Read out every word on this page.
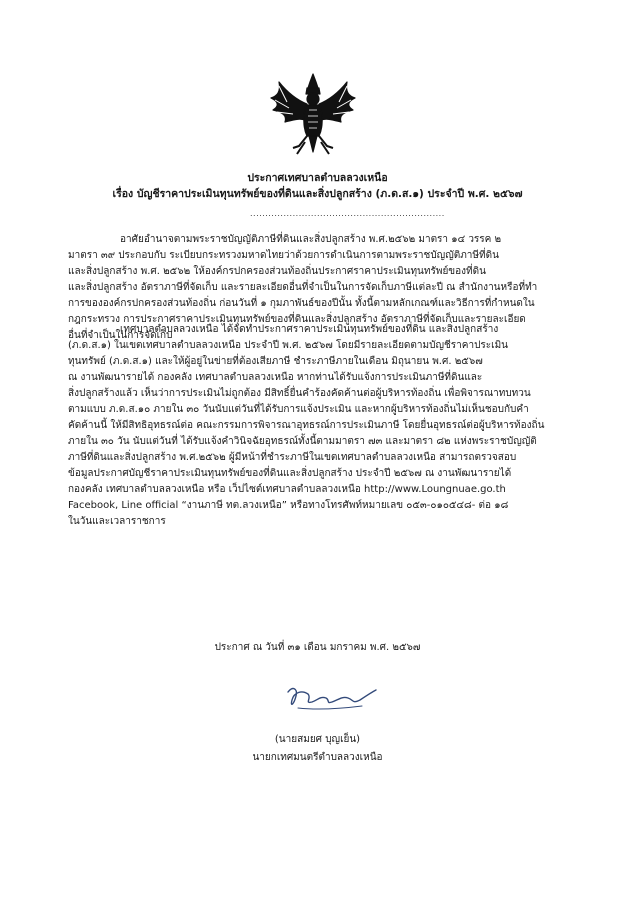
ประกาศเทศบาลตำบลลวงเหนือ
เรื่อง บัญชีราคาประเมินทุนทรัพย์ของที่ดินและสิ่งปลูกสร้าง (ภ.ด.ส.๑) ประจำปี พ.ศ. ๒๕๖๗
................................................................
อาศัยอำนาจตามพระราชบัญญัติภาษีที่ดินและสิ่งปลูกสร้าง พ.ศ.๒๕๖๒ มาตรา ๑๔ วรรค ๒
มาตรา ๓๙ ประกอบกับ ระเบียบกระทรวงมหาดไทยว่าด้วยการดำเนินการตามพระราชบัญญัติภาษีที่ดิน
และสิ่งปลูกสร้าง พ.ศ. ๒๕๖๒ ให้องค์กรปกครองส่วนท้องถิ่นประกาศราคาประเมินทุนทรัพย์ของที่ดิน
และสิ่งปลูกสร้าง อัตราภาษีที่จัดเก็บ และรายละเอียดอื่นที่จำเป็นในการจัดเก็บภาษีแต่ละปี ณ สำนักงานหรือที่ทำ
การขององค์กรปกครองส่วนท้องถิ่น ก่อนวันที่ ๑ กุมภาพันธ์ของปีนั้น ทั้งนี้ตามหลักเกณฑ์และวิธีการที่กำหนดใน
กฎกระทรวง การประกาศราคาประเมินทุนทรัพย์ของที่ดินและสิ่งปลูกสร้าง อัตราภาษีที่จัดเก็บและรายละเอียด
อื่นที่จำเป็นในการจัดเก็บ
เทศบาลตำบลลวงเหนือ ได้จัดทำประกาศราคาประเมินทุนทรัพย์ของที่ดิน และสิ่งปลูกสร้าง
(ภ.ด.ส.๑) ในเขตเทศบาลตำบลลวงเหนือ ประจำปี พ.ศ. ๒๕๖๗ โดยมีรายละเอียดตามบัญชีราคาประเมิน
ทุนทรัพย์ (ภ.ด.ส.๑) และให้ผู้อยู่ในข่ายที่ต้องเสียภาษี ชำระภาษีภายในเดือน มิถุนายน พ.ศ. ๒๕๖๗
ณ งานพัฒนารายได้ กองคลัง เทศบาลตำบลลวงเหนือ หากท่านได้รับแจ้งการประเมินภาษีที่ดินและ
สิ่งปลูกสร้างแล้ว เห็นว่าการประเมินไม่ถูกต้อง มีสิทธิ์ยื่นคำร้องคัดค้านต่อผู้บริหารท้องถิ่น เพื่อพิจารณาทบทวน
ตามแบบ ภ.ด.ส.๑๐ ภายใน ๓๐ วันนับแต่วันที่ได้รับการแจ้งประเมิน และหากผู้บริหารท้องถิ่นไม่เห็นชอบกับคำ
คัดค้านนี้ ให้มีสิทธิอุทธรณ์ต่อ คณะกรรมการพิจารณาอุทธรณ์การประเมินภาษี โดยยื่นอุทธรณ์ต่อผู้บริหารท้องถิ่น
ภายใน ๓๐ วัน นับแต่วันที่ ได้รับแจ้งคำวินิจฉัยอุทธรณ์ทั้งนี้ตามมาตรา ๗๓ และมาตรา ๘๒ แห่งพระราชบัญญัติ
ภาษีที่ดินและสิ่งปลูกสร้าง พ.ศ.๒๕๖๒ ผู้มีหน้าที่ชำระภาษีในเขตเทศบาลตำบลลวงเหนือ สามารถตรวจสอบ
ข้อมูลประกาศบัญชีราคาประเมินทุนทรัพย์ของที่ดินและสิ่งปลูกสร้าง ประจำปี ๒๕๖๗ ณ งานพัฒนารายได้
กองคลัง เทศบาลตำบลลวงเหนือ หรือ เว็ปไซต์เทศบาลตำบลลวงเหนือ http://www.Loungnuae.go.th
Facebook, Line official “งานภาษี ทต.ลวงเหนือ” หรือทางโทรศัพท์หมายเลข ๐๕๓-๐๑๐๕๔๘- ต่อ ๑๘
ในวันและเวลาราชการ
ประกาศ ณ วันที่ ๓๑ เดือน มกราคม พ.ศ. ๒๕๖๗
(นายสมยศ บุญเย็น)
นายกเทศมนตรีตำบลลวงเหนือ
